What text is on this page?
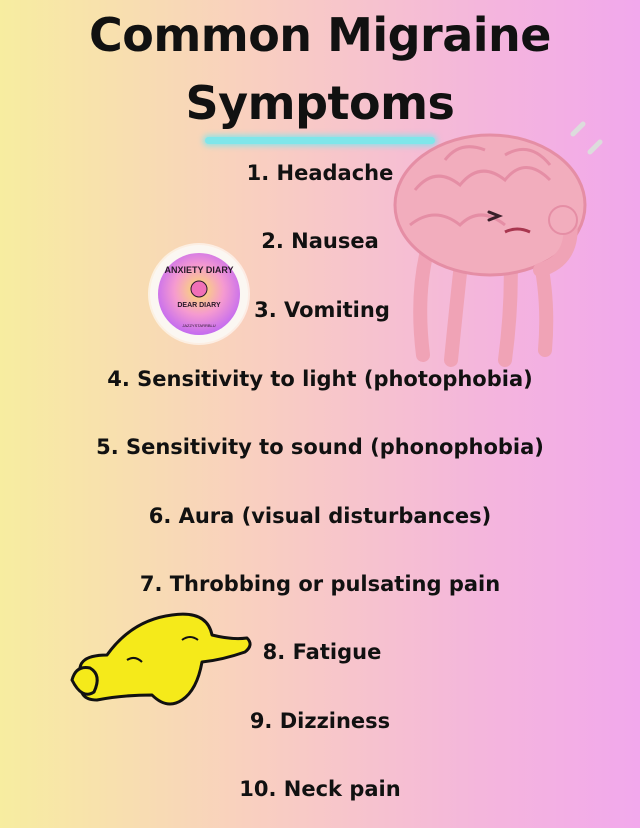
Common Migraine
Symptoms
ANXIETY DIARY
DEAR DIARY
JAZZYSTARRBLU
1. Headache
2. Nausea
3. Vomiting
4. Sensitivity to light (photophobia)
5. Sensitivity to sound (phonophobia)
6. Aura (visual disturbances)
7. Throbbing or pulsating pain
8. Fatigue
9. Dizziness
10. Neck pain
